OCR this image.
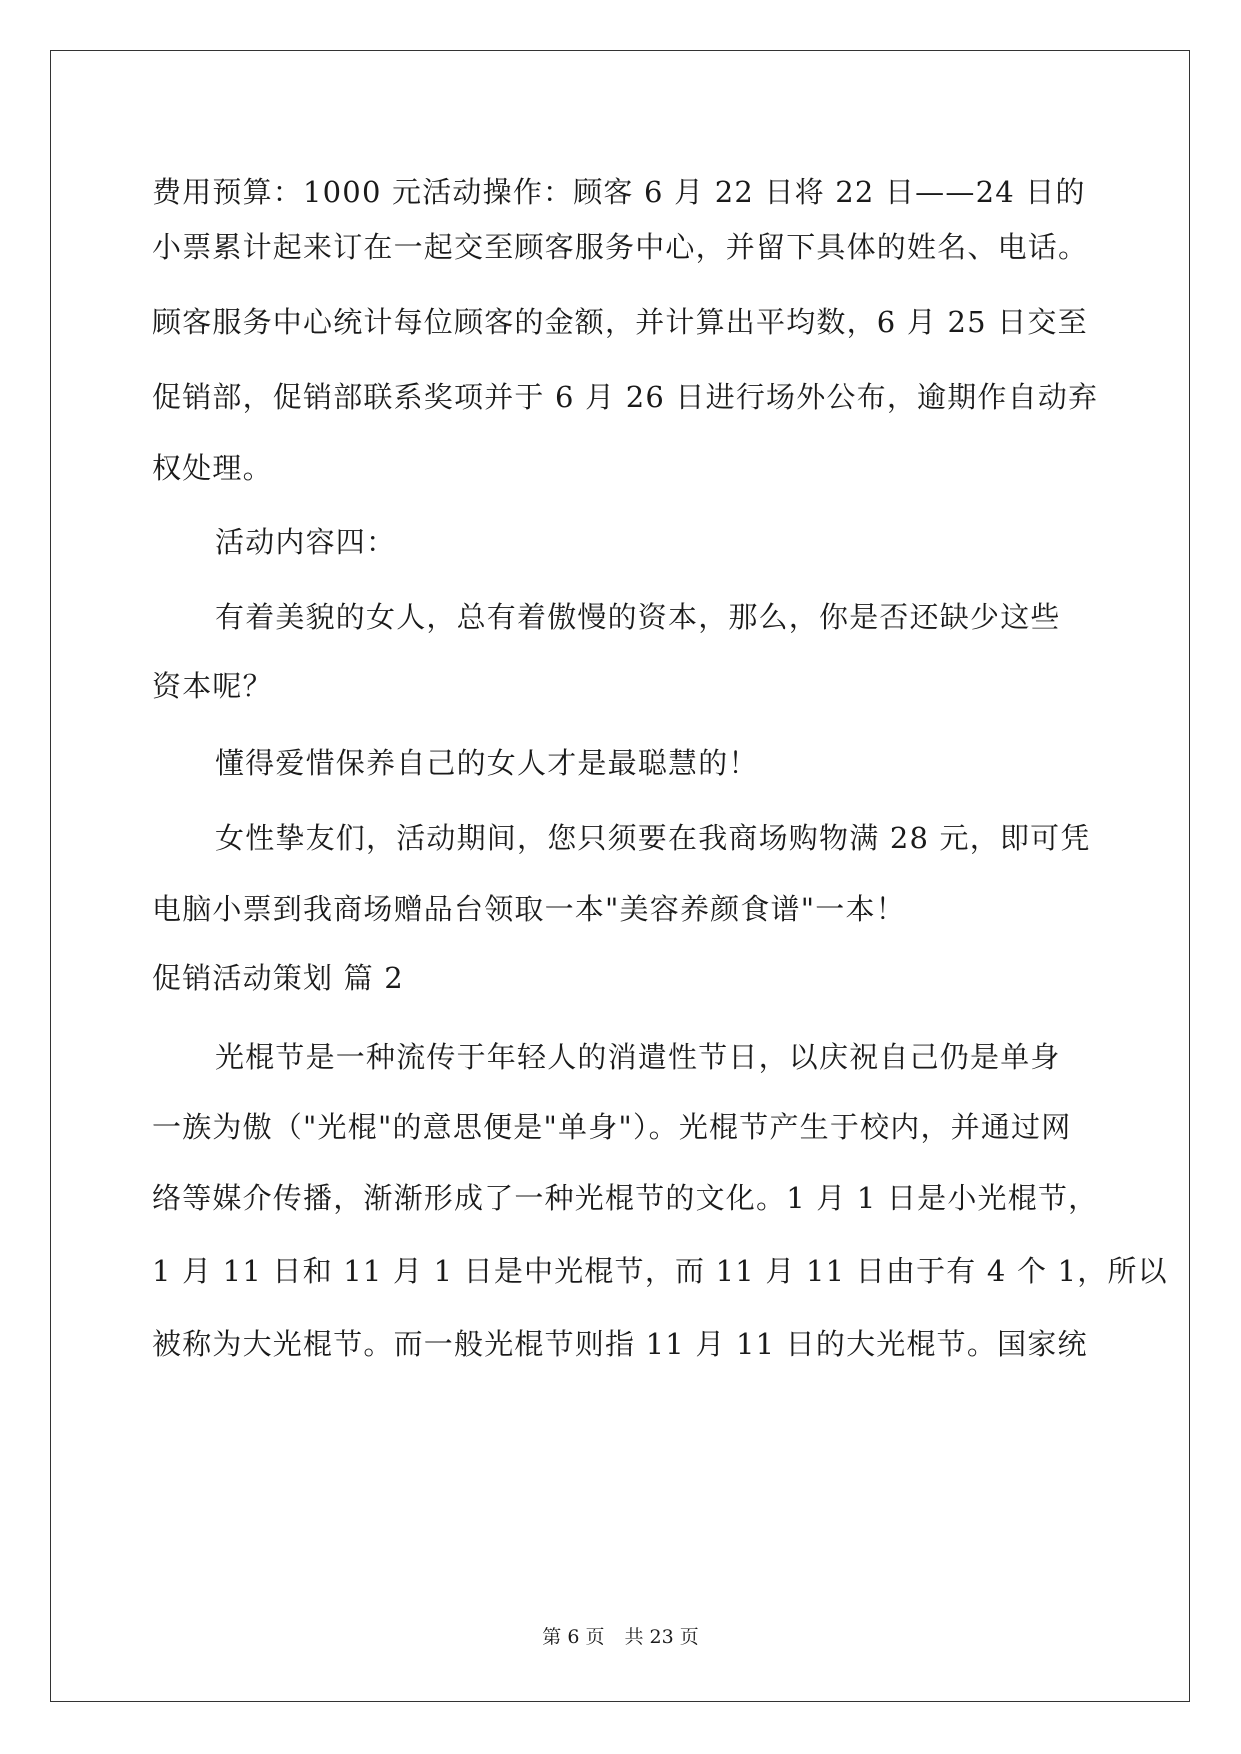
费用预算：1000 元活动操作：顾客 6 月 22 日将 22 日——24 日的
小票累计起来订在一起交至顾客服务中心，并留下具体的姓名、电话。
顾客服务中心统计每位顾客的金额，并计算出平均数，6 月 25 日交至
促销部，促销部联系奖项并于 6 月 26 日进行场外公布，逾期作自动弃
权处理。
活动内容四：
有着美貌的女人，总有着傲慢的资本，那么，你是否还缺少这些
资本呢？
懂得爱惜保养自己的女人才是最聪慧的！
女性挚友们，活动期间，您只须要在我商场购物满 28 元，即可凭
电脑小票到我商场赠品台领取一本"美容养颜食谱"一本！
促销活动策划 篇 2
光棍节是一种流传于年轻人的消遣性节日，以庆祝自己仍是单身
一族为傲（"光棍"的意思便是"单身"）。光棍节产生于校内，并通过网
络等媒介传播，渐渐形成了一种光棍节的文化。1 月 1 日是小光棍节，
1 月 11 日和 11 月 1 日是中光棍节，而 11 月 11 日由于有 4 个 1，所以
被称为大光棍节。而一般光棍节则指 11 月 11 日的大光棍节。国家统
第 6 页 共 23 页
